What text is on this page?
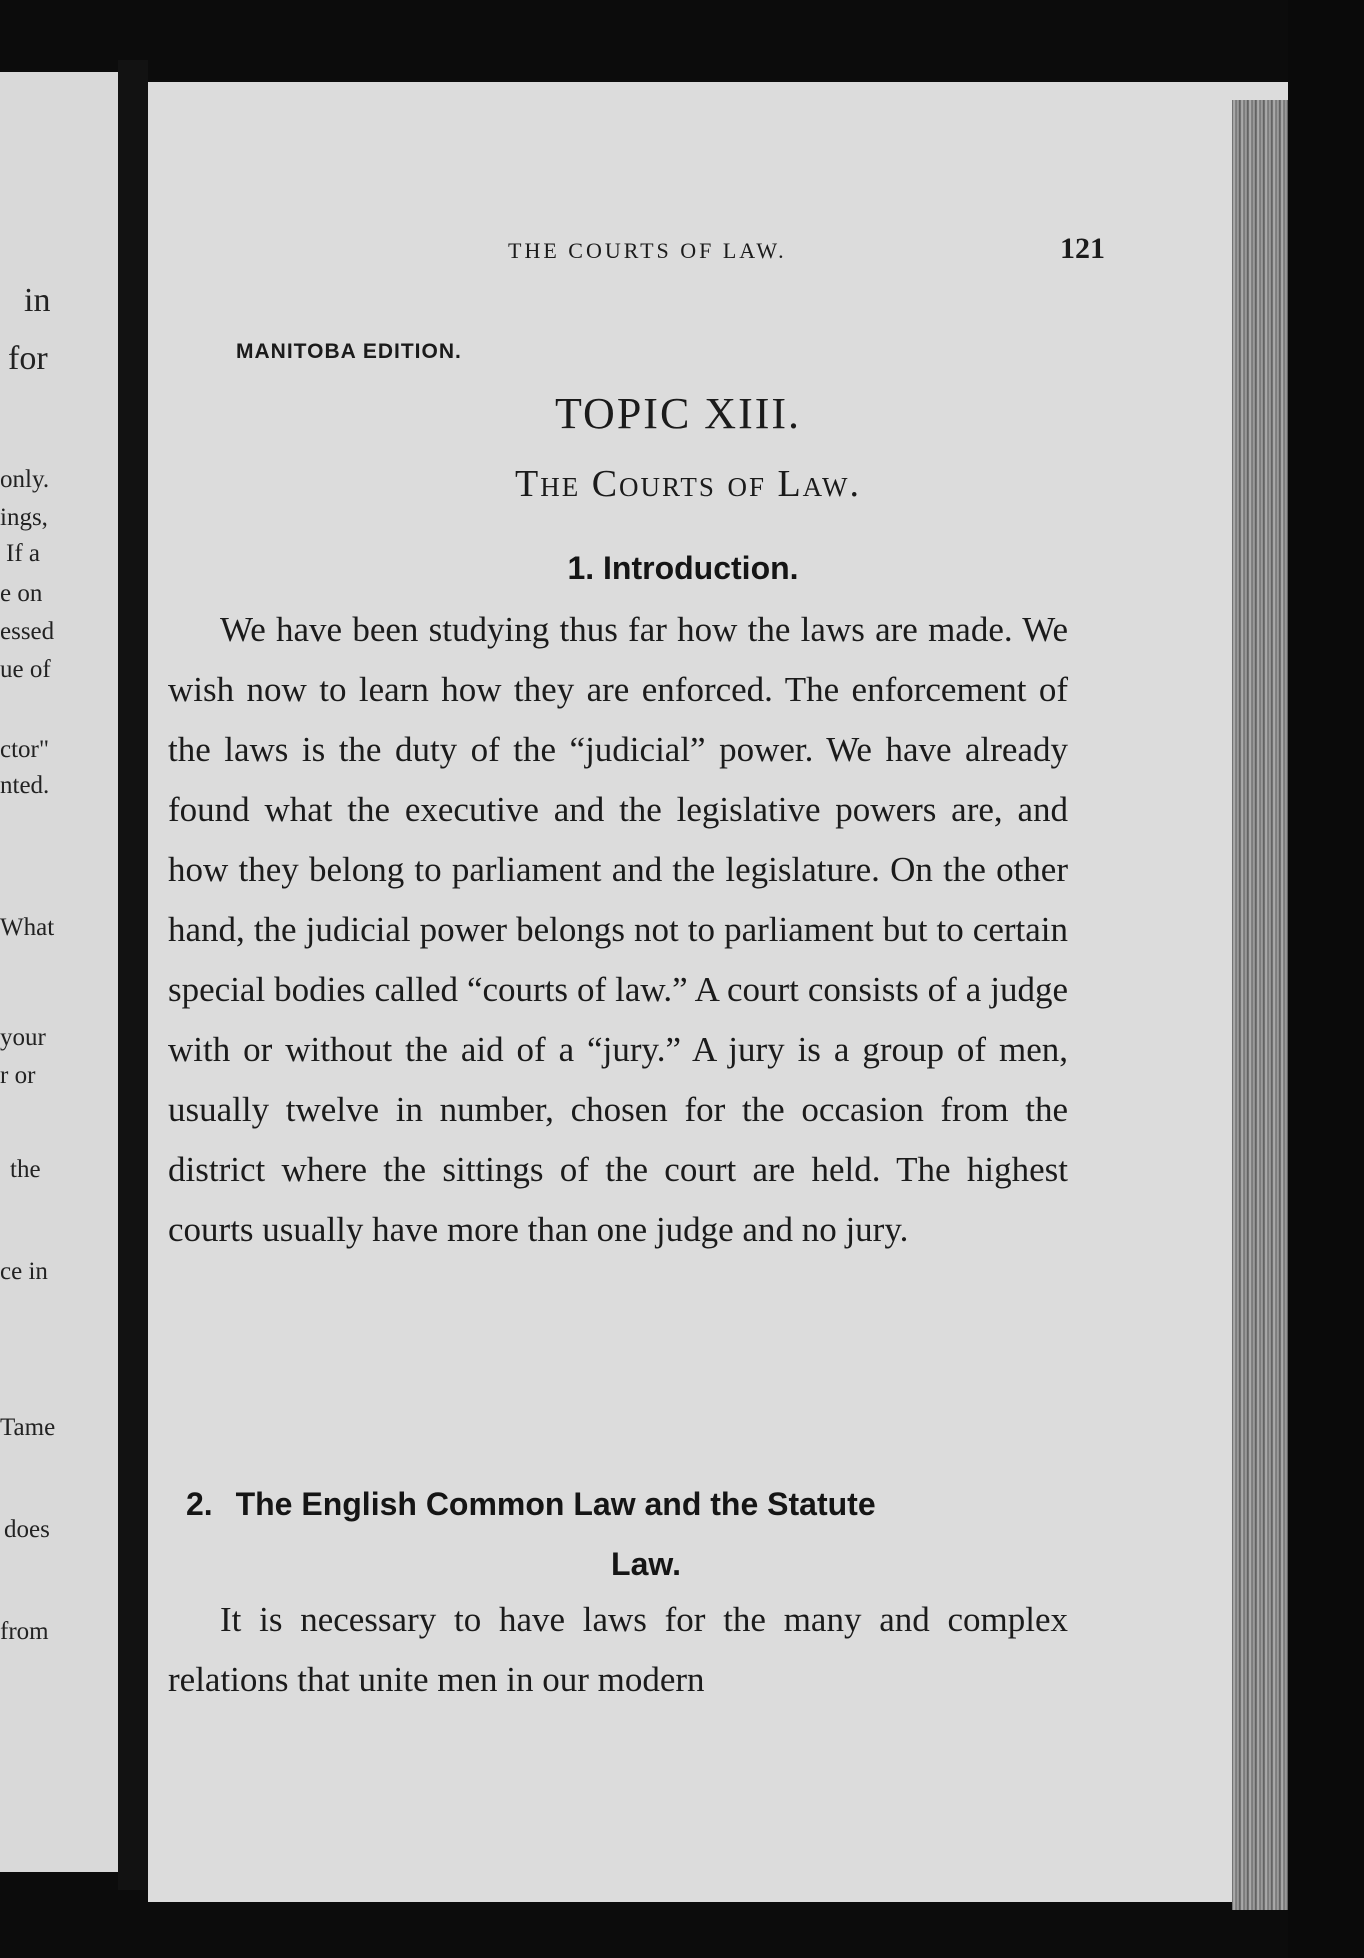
in
for
only.
ings,
If a
e on
essed
ue of
ctor"
nted.
What
your
r or
the
ce in
Tame
does
from
THE COURTS OF LAW.	121
MANITOBA EDITION.
TOPIC XIII.
The Courts of Law.
1. Introduction.

We have been studying thus far how the laws are made. We wish now to learn how they are enforced. The enforcement of the laws is the duty of the “judicial” power. We have already found what the executive and the legislative powers are, and how they belong to parliament and the legislature. On the other hand, the judicial power belongs not to parliament but to certain special bodies called “courts of law.” A court consists of a judge with or without the aid of a “jury.” A jury is a group of men, usually twelve in number, chosen for the occasion from the district where the sittings of the court are held. The highest courts usually have more than one judge and no jury.

2. The English Common Law and the Statute
Law.

It is necessary to have laws for the many and complex relations that unite men in our modern
